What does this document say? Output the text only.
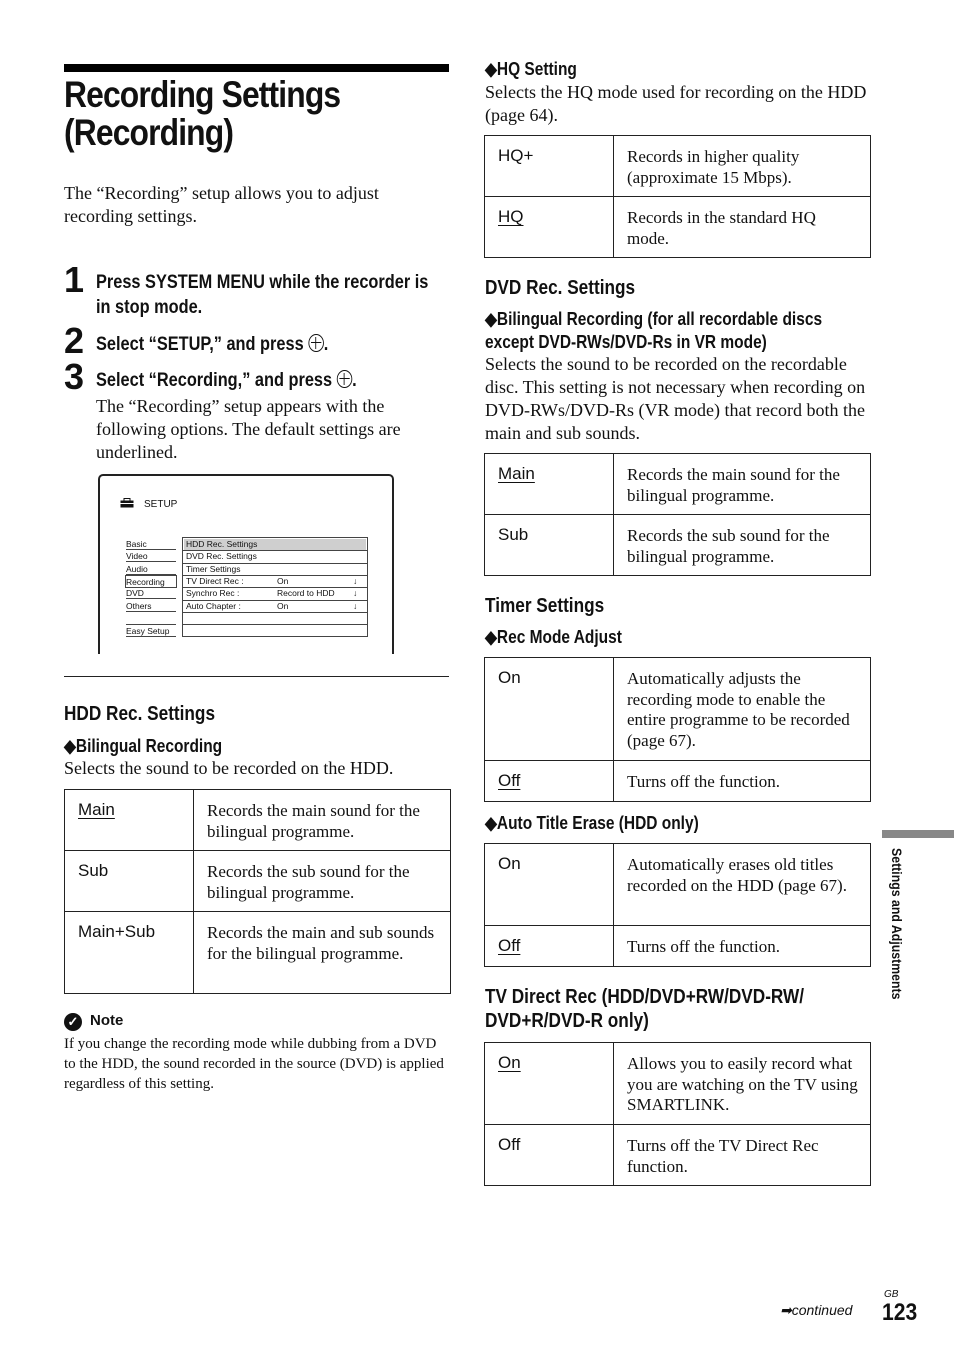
Recording Settings (Recording)
The “Recording” setup allows you to adjust recording settings.
1 Press SYSTEM MENU while the recorder is
in stop mode.
2 Select “SETUP,” and press .
3 Select “Recording,” and press .
The “Recording” setup appears with the following options. The default settings are underlined.
SETUP
Basic
Video
Audio
Recording
DVD
Others
Easy Setup
HDD Rec. Settings
DVD Rec. Settings
Timer Settings
TV Direct Rec :	On	↓
Synchro Rec :	Record to HDD ↓
Auto Chapter :	On	↓
HDD Rec. Settings
◆Bilingual Recording
Selects the sound to be recorded on the HDD.
Main	Records the main sound for the bilingual programme.
Sub	Records the sub sound for the bilingual programme.
Main+Sub	Records the main and sub sounds for the bilingual programme.
✓ Note
If you change the recording mode while dubbing from a DVD to the HDD, the sound recorded in the source (DVD) is applied regardless of this setting.
◆HQ Setting
Selects the HQ mode used for recording on the HDD (page 64).
HQ+	Records in higher quality (approximate 15 Mbps).
HQ	Records in the standard HQ mode.
DVD Rec. Settings
◆Bilingual Recording (for all recordable discs
except DVD-RWs/DVD-Rs in VR mode)
Selects the sound to be recorded on the recordable disc. This setting is not necessary when recording on DVD-RWs/DVD-Rs (VR mode) that record both the main and sub sounds.
Main	Records the main sound for the bilingual programme.
Sub	Records the sub sound for the bilingual programme.
Timer Settings
◆Rec Mode Adjust
On	Automatically adjusts the recording mode to enable the entire programme to be recorded (page 67).
Off	Turns off the function.
◆Auto Title Erase (HDD only)
On	Automatically erases old titles recorded on the HDD (page 67).
Off	Turns off the function.
TV Direct Rec (HDD/DVD+RW/DVD-RW/
DVD+R/DVD-R only)
On	Allows you to easily record what you are watching on the TV using SMARTLINK.
Off	Turns off the TV Direct Rec function.
Settings and Adjustments
➡continued
GB
123
